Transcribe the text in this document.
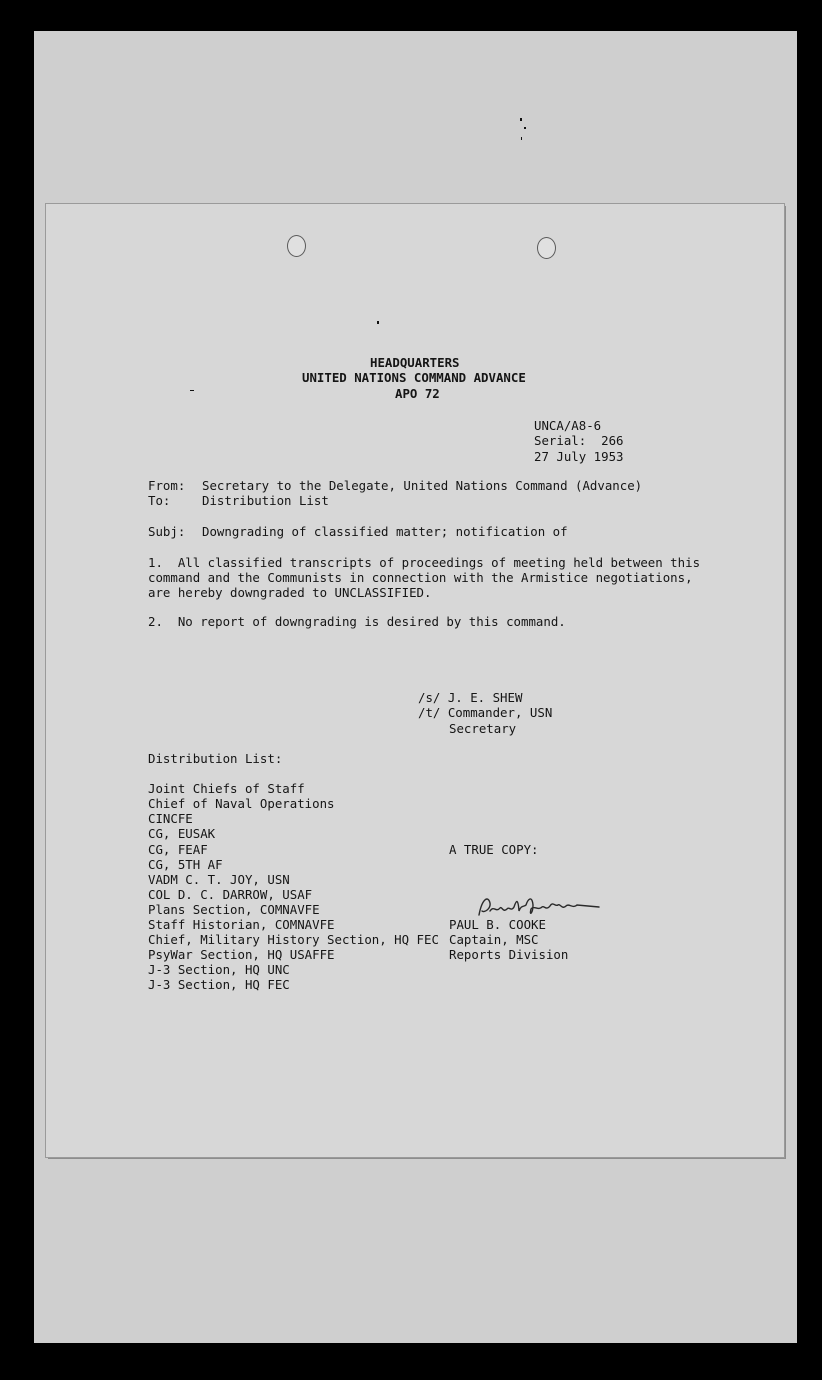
HEADQUARTERS
UNITED NATIONS COMMAND ADVANCE
APO 72
UNCA/A8-6
Serial:  266
27 July 1953
From: Secretary to the Delegate, United Nations Command (Advance)
To:	Distribution List
Subj: Downgrading of classified matter; notification of
1.  All classified transcripts of proceedings of meeting held between this
command and the Communists in connection with the Armistice negotiations,
are hereby downgraded to UNCLASSIFIED.
2.  No report of downgrading is desired by this command.
/s/ J. E. SHEW
/t/ Commander, USN
Secretary
Distribution List:
Joint Chiefs of Staff
Chief of Naval Operations
CINCFE
CG, EUSAK
CG, FEAF
CG, 5TH AF
VADM C. T. JOY, USN
COL D. C. DARROW, USAF
Plans Section, COMNAVFE
Staff Historian, COMNAVFE
Chief, Military History Section, HQ FEC
PsyWar Section, HQ USAFFE
J-3 Section, HQ UNC
J-3 Section, HQ FEC
A TRUE COPY:
PAUL B. COOKE
Captain, MSC
Reports Division
